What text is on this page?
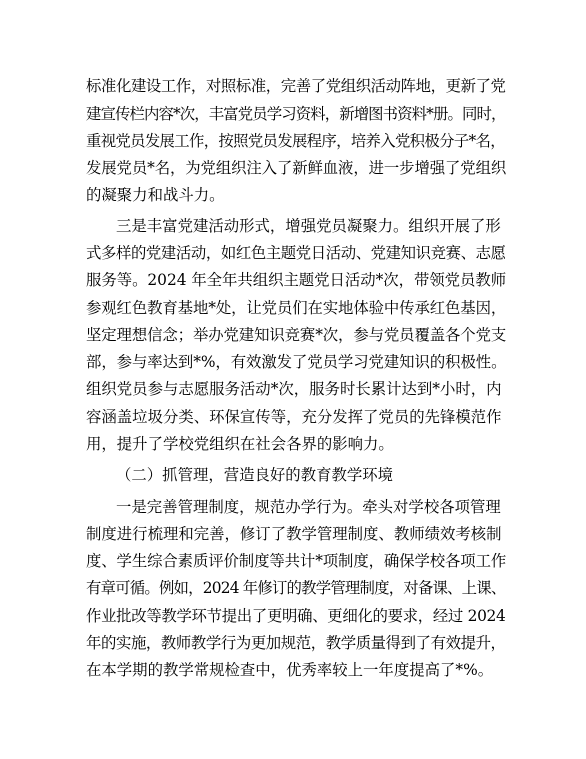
标准化建设工作，对照标准，完善了党组织活动阵地，更新了党
建宣传栏内容*次，丰富党员学习资料，新增图书资料*册。同时，
重视党员发展工作，按照党员发展程序，培养入党积极分子*名，
发展党员*名，为党组织注入了新鲜血液，进一步增强了党组织
的凝聚力和战斗力。
三是丰富党建活动形式，增强党员凝聚力。组织开展了形
式多样的党建活动，如红色主题党日活动、党建知识竞赛、志愿
服务等。2024 年全年共组织主题党日活动*次，带领党员教师
参观红色教育基地*处，让党员们在实地体验中传承红色基因，
坚定理想信念；举办党建知识竞赛*次，参与党员覆盖各个党支
部，参与率达到*%，有效激发了党员学习党建知识的积极性。
组织党员参与志愿服务活动*次，服务时长累计达到*小时，内
容涵盖垃圾分类、环保宣传等，充分发挥了党员的先锋模范作
用，提升了学校党组织在社会各界的影响力。
（二）抓管理，营造良好的教育教学环境
一是完善管理制度，规范办学行为。牵头对学校各项管理
制度进行梳理和完善，修订了教学管理制度、教师绩效考核制
度、学生综合素质评价制度等共计*项制度，确保学校各项工作
有章可循。例如，2024 年修订的教学管理制度，对备课、上课、
作业批改等教学环节提出了更明确、更细化的要求，经过 2024
年的实施，教师教学行为更加规范，教学质量得到了有效提升，
在本学期的教学常规检查中，优秀率较上一年度提高了*%。
